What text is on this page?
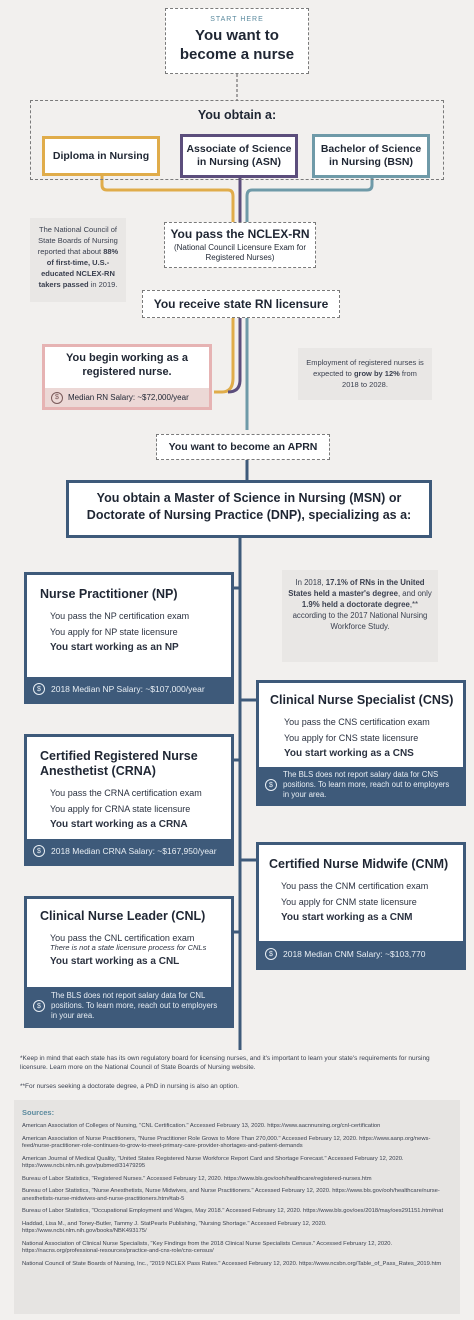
START HERE
You want to
become a nurse
You obtain a:
Diploma in Nursing
Associate of Science in Nursing (ASN)
Bachelor of Science in Nursing (BSN)
The National Council of State Boards of Nursing reported that about 88% of first-time, U.S.-educated NCLEX-RN takers passed in 2019.
You pass the NCLEX-RN
(National Council Licensure Exam for Registered Nurses)
You receive state RN licensure
You begin working as a registered nurse.
$	Median RN Salary: ~$72,000/year
Employment of registered nurses is expected to grow by 12% from 2018 to 2028.
You want to become an APRN
You obtain a Master of Science in Nursing (MSN) or Doctorate of Nursing Practice (DNP), specializing as a:
In 2018, 17.1% of RNs in the United States held a master's degree, and only 1.9% held a doctorate degree,** according to the 2017 National Nursing Workforce Study.
Nurse Practitioner (NP)
You pass the NP certification exam
You apply for NP state licensure
You start working as an NP
$	2018 Median NP Salary: ~$107,000/year
Clinical Nurse Specialist (CNS)
You pass the CNS certification exam
You apply for CNS state licensure
You start working as a CNS
$
The BLS does not report salary data for CNS positions. To learn more, reach out to employers in your area.
Certified Registered Nurse Anesthetist (CRNA)
You pass the CRNA certification exam
You apply for CRNA state licensure
You start working as a CRNA
$	2018 Median CRNA Salary: ~$167,950/year
Certified Nurse Midwife (CNM)
You pass the CNM certification exam
You apply for CNM state licensure
You start working as a CNM
$	2018 Median CNM Salary: ~$103,770
Clinical Nurse Leader (CNL)
You pass the CNL certification exam
There is not a state licensure process for CNLs
You start working as a CNL
$
The BLS does not report salary data for CNL positions. To learn more, reach out to employers in your area.
*Keep in mind that each state has its own regulatory board for licensing nurses, and it's important to learn your state's requirements for nursing licensure. Learn more on the National Council of State Boards of Nursing website.
**For nurses seeking a doctorate degree, a PhD in nursing is also an option.
Sources:
American Association of Colleges of Nursing, "CNL Certification." Accessed February 13, 2020. https://www.aacnnursing.org/cnl-certification
American Association of Nurse Practitioners, "Nurse Practitioner Role Grows to More Than 270,000." Accessed February 12, 2020. https://www.aanp.org/news-feed/nurse-practitioner-role-continues-to-grow-to-meet-primary-care-provider-shortages-and-patient-demands
American Journal of Medical Quality, "United States Registered Nurse Workforce Report Card and Shortage Forecast." Accessed February 12, 2020. https://www.ncbi.nlm.nih.gov/pubmed/31479295
Bureau of Labor Statistics, "Registered Nurses." Accessed February 12, 2020. https://www.bls.gov/ooh/healthcare/registered-nurses.htm
Bureau of Labor Statistics, "Nurse Anesthetists, Nurse Midwives, and Nurse Practitioners." Accessed February 12, 2020. https://www.bls.gov/ooh/healthcare/nurse-anesthetists-nurse-midwives-and-nurse-practitioners.htm#tab-5
Bureau of Labor Statistics, "Occupational Employment and Wages, May 2018." Accessed February 12, 2020. https://www.bls.gov/oes/2018/may/oes291151.htm#nat
Haddad, Lisa M., and Toney-Butler, Tammy J. StatPearls Publishing, "Nursing Shortage." Accessed February 12, 2020. https://www.ncbi.nlm.nih.gov/books/NBK493175/
National Association of Clinical Nurse Specialists, "Key Findings from the 2018 Clinical Nurse Specialists Census." Accessed February 12, 2020. https://nacns.org/professional-resources/practice-and-cns-role/cns-census/
National Council of State Boards of Nursing, Inc., "2019 NCLEX Pass Rates." Accessed February 12, 2020. https://www.ncsbn.org/Table_of_Pass_Rates_2019.htm
